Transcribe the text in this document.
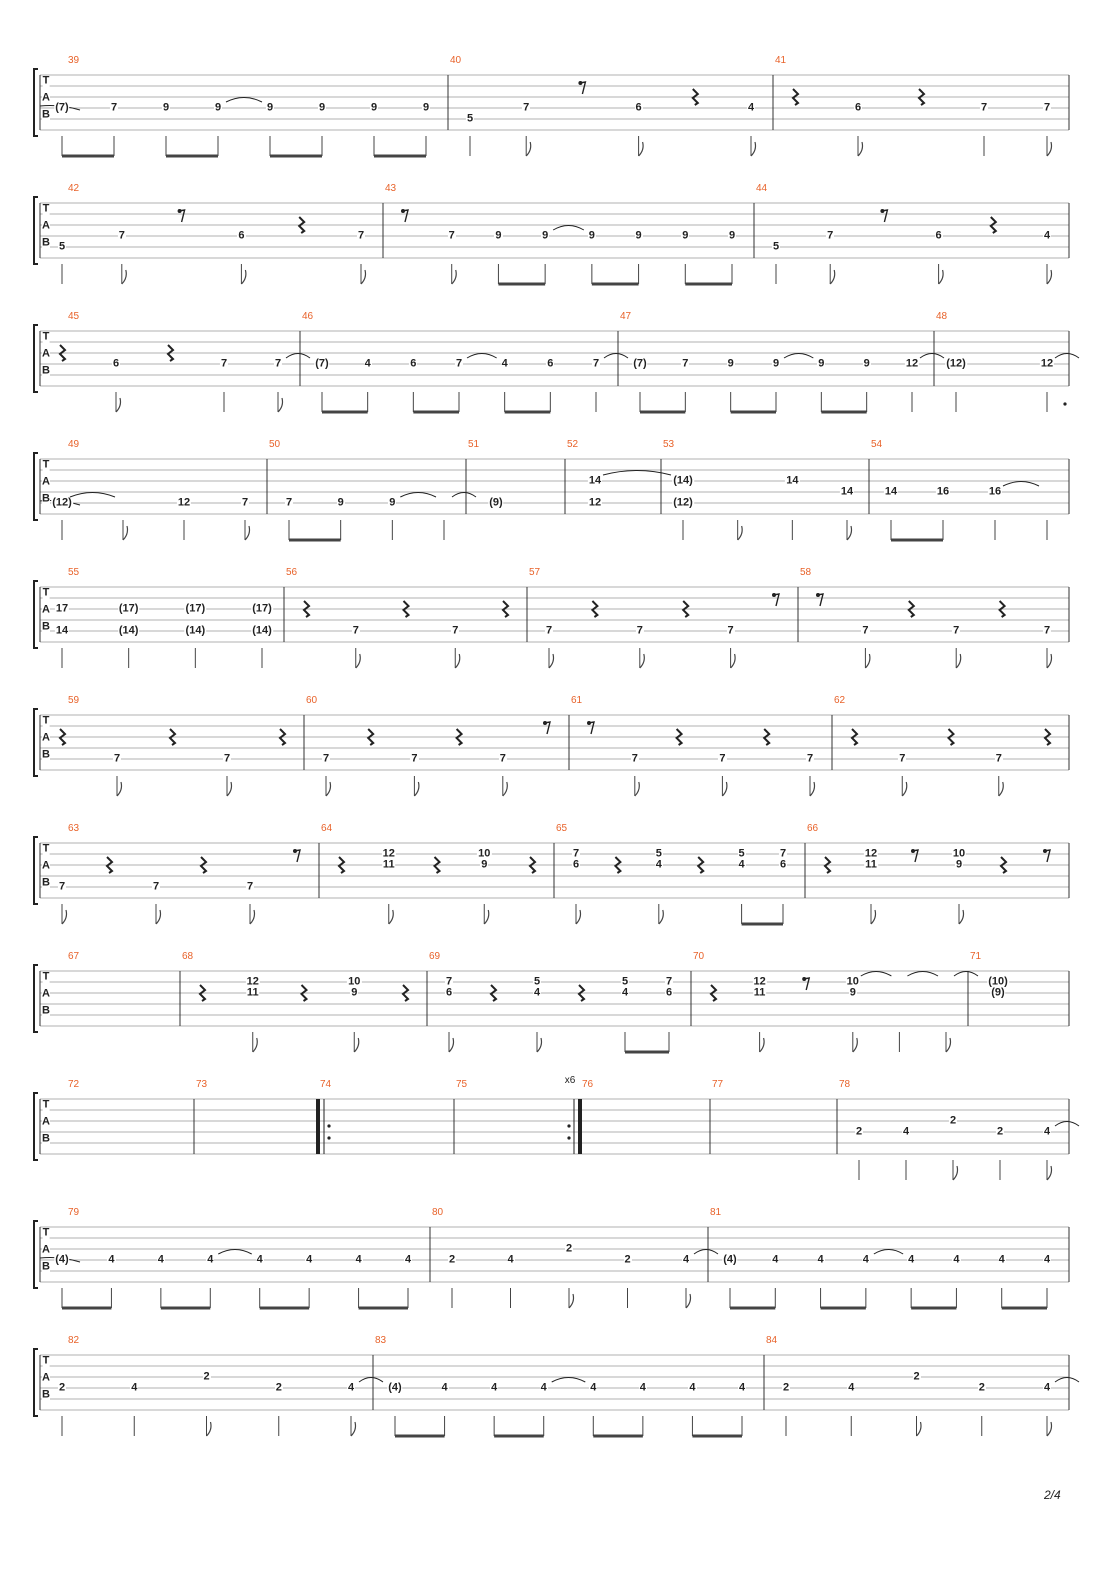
T
A
B
39
(7)	7	9	9	9	9	9	9
40
5
7	6	4
41
6	7	7
T
A
B
42
5
7	6	7
43
7	9	9	9	9	9	9
44
5
7	6	4
T
A
B
45
6	7	7
46
(7)	4	6	7	4	6	7
47
(7)	7	9	9	9	9	12
48
(12)	12
T
A
B
49
(12)	12	7
50
7	9	9
51
(9)
52
14
12
53
(14)
(12)
14
14
54
14	16	16
T
A
B
55
17
14
(17)
(14)
(17)
(14)
(17)
(14)
56
7	7
57
7	7	7
58
7	7	7
T
A
B
59
7	7
60
7	7	7
61
7	7	7
62
7	7
T
A
B
63
7	7	7
64
12
11
10
9
65
7
6
5
4
5
4
7
6
66
12
11
10
9
T
A
B
67	68
12
11
10
9
69
7
6
5
4
5
4
7
6
70
12
11
10
9
71
(10)
(9)
T
A
B
72	73	74	75	x6 76	77	78
2	4
2
2	4
T
A
B
79
(4)	4	4	4	4	4	4	4
80
2	4
2
2	4
81
(4)	4	4	4	4	4	4	4
T
A
B
82
2	4
2
2	4
83
(4)	4	4	4	4	4	4	4
84
2	4
2
2	4
2/4
